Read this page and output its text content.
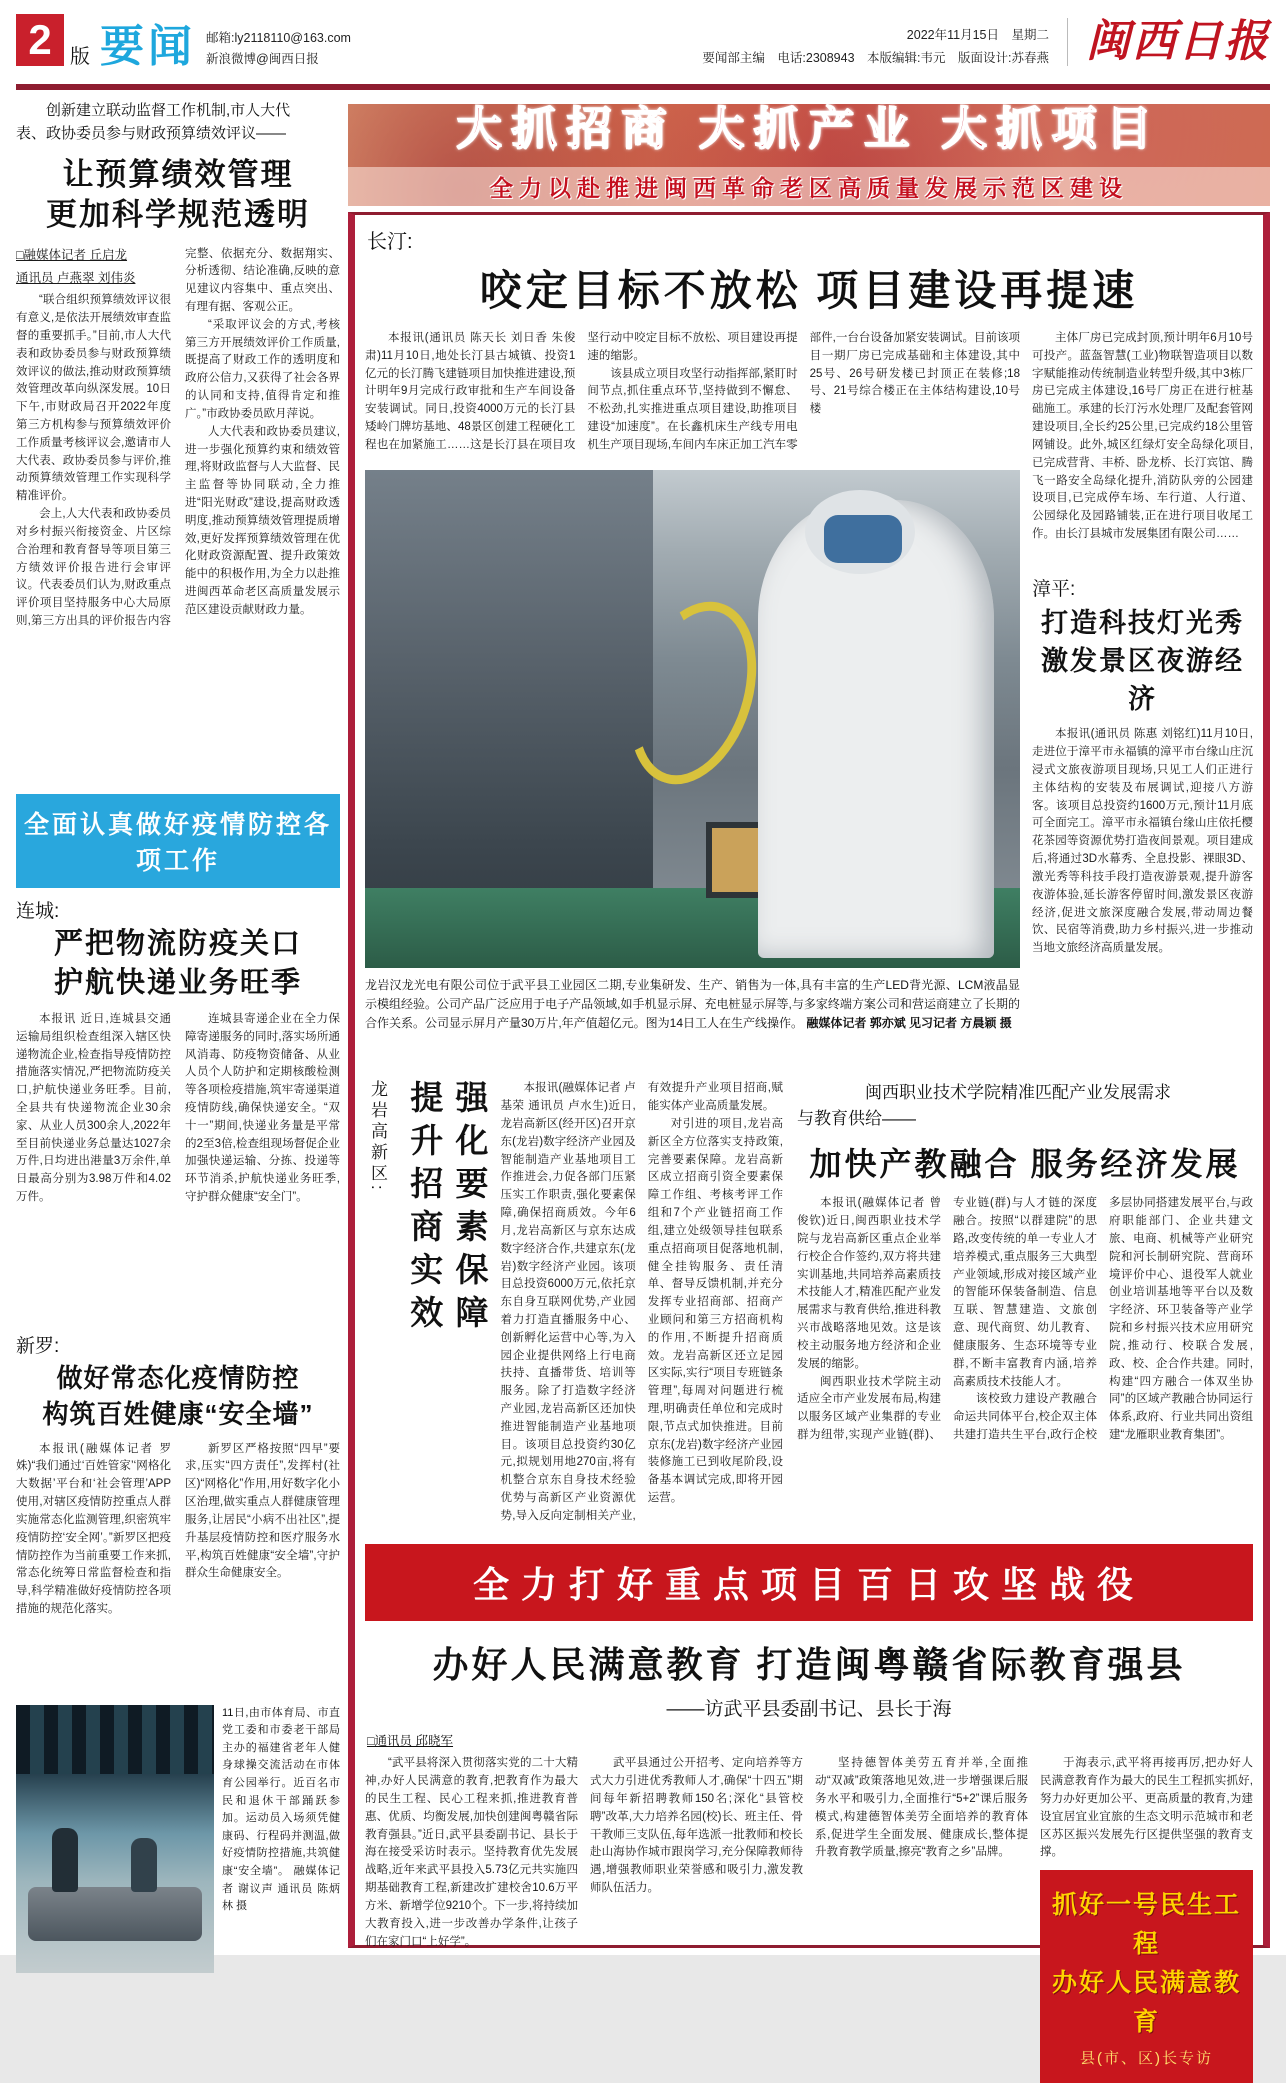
2 版 要闻 邮箱:ly2118110@163.com
新浪微博@闽西日报
2022年11月15日　星期二
要闻部主编　电话:2308943　本版编辑:韦元　版面设计:苏春燕 闽西日报
创新建立联动监督工作机制,市人大代
表、政协委员参与财政预算绩效评议——
让预算绩效管理
更加科学规范透明
□融媒体记者 丘启龙
通讯员 卢燕翠 刘伟炎
“联合组织预算绩效评议很有意义,是依法开展绩效审查监督的重要抓手。”目前,市人大代表和政协委员参与财政预算绩效评议的做法,推动财政预算绩效管理改革向纵深发展。10日下午,市财政局召开2022年度第三方机构参与预算绩效评价工作质量考核评议会,邀请市人大代表、政协委员参与评价,推动预算绩效管理工作实现科学精准评价。
会上,人大代表和政协委员对乡村振兴衔接资金、片区综合治理和教育督导等项目第三方绩效评价报告进行会审评议。代表委员们认为,财政重点评价项目坚持服务中心大局原则,第三方出具的评价报告内容完整、依据充分、数据翔实、分析透彻、结论准确,反映的意见建议内容集中、重点突出、有理有据、客观公正。
“采取评议会的方式,考核第三方开展绩效评价工作质量,既提高了财政工作的透明度和政府公信力,又获得了社会各界的认同和支持,值得肯定和推广。”市政协委员欧月萍说。
人大代表和政协委员建议,进一步强化预算约束和绩效管理,将财政监督与人大监督、民主监督等协同联动,全力推进“阳光财政”建设,提高财政透明度,推动预算绩效管理提质增效,更好发挥预算绩效管理在优化财政资源配置、提升政策效能中的积极作用,为全力以赴推进闽西革命老区高质量发展示范区建设贡献财政力量。
全面认真做好疫情防控各项工作
连城:
严把物流防疫关口
护航快递业务旺季
本报讯 近日,连城县交通运输局组织检查组深入辖区快递物流企业,检查指导疫情防控措施落实情况,严把物流防疫关口,护航快递业务旺季。目前,全县共有快递物流企业30余家、从业人员300余人,2022年至目前快递业务总量达1027余万件,日均进出港量3万余件,单日最高分别为3.98万件和4.02万件。
连城县寄递企业在全力保障寄递服务的同时,落实场所通风消毒、防疫物资储备、从业人员个人防护和定期核酸检测等各项检疫措施,筑牢寄递渠道疫情防线,确保快递安全。“双十一”期间,快递业务量是平常的2至3倍,检查组现场督促企业加强快递运输、分拣、投递等环节消杀,护航快递业务旺季,守护群众健康“安全门”。
新罗:
做好常态化疫情防控
构筑百姓健康“安全墙”
本报讯(融媒体记者 罗姝)“我们通过‘百姓管家’‘网格化大数据’平台和‘社会管理’APP使用,对辖区疫情防控重点人群实施常态化监测管理,织密筑牢疫情防控‘安全网’。”新罗区把疫情防控作为当前重要工作来抓,常态化统筹日常监督检查和指导,科学精准做好疫情防控各项措施的规范化落实。
新罗区严格按照“四早”要求,压实“四方责任”,发挥村(社区)“网格化”作用,用好数字化小区治理,做实重点人群健康管理服务,让居民“小病不出社区”,提升基层疫情防控和医疗服务水平,构筑百姓健康“安全墙”,守护群众生命健康安全。
11日,由市体育局、市直党工委和市委老干部局主办的福建省老年人健身球操交流活动在市体育公园举行。近百名市民和退休干部踊跃参加。运动员入场须凭健康码、行程码并测温,做好疫情防控措施,共筑健康“安全墙”。 融媒体记者 谢议声 通讯员 陈炳林 摄
大抓招商 大抓产业 大抓项目
全力以赴推进闽西革命老区高质量发展示范区建设
长汀:
咬定目标不放松 项目建设再提速
本报讯(通讯员 陈天长 刘日香 朱俊肃)11月10日,地处长汀县古城镇、投资1亿元的长汀腾飞建链项目加快推进建设,预计明年9月完成行政审批和生产车间设备安装调试。同日,投资4000万元的长汀县矮岭门牌坊基地、48景区创建工程硬化工程也在加紧施工……这是长汀县在项目攻坚行动中咬定目标不放松、项目建设再提速的缩影。
该县成立项目攻坚行动指挥部,紧盯时间节点,抓住重点环节,坚持做到不懈怠、不松劲,扎实推进重点项目建设,助推项目建设“加速度”。在长鑫机床生产线专用电机生产项目现场,车间内车床正加工汽车零部件,一台台设备加紧安装调试。目前该项目一期厂房已完成基础和主体建设,其中25号、26号研发楼已封顶正在装修;18号、21号综合楼正在主体结构建设,10号楼
龙岩汉龙光电有限公司位于武平县工业园区二期,专业集研发、生产、销售为一体,具有丰富的生产LED背光源、LCM液晶显示模组经验。公司产品广泛应用于电子产品领域,如手机显示屏、充电桩显示屏等,与多家终端方案公司和营运商建立了长期的合作关系。公司显示屏月产量30万片,年产值超亿元。图为14日工人在生产线操作。 融媒体记者 郭亦斌 见习记者 方晨颖 摄
主体厂房已完成封顶,预计明年6月10号可投产。蓝盔智慧(工业)物联智造项目以数字赋能推动传统制造业转型升级,其中3栋厂房已完成主体建设,16号厂房正在进行桩基础施工。承建的长汀污水处理厂及配套管网建设项目,全长约25公里,已完成约18公里管网铺设。此外,城区红绿灯安全岛绿化项目,已完成营背、丰桥、卧龙桥、长汀宾馆、腾飞一路安全岛绿化提升,消防队旁的公园建设项目,已完成停车场、车行道、人行道、公园绿化及园路铺装,正在进行项目收尾工作。由长汀县城市发展集团有限公司……
漳平:
打造科技灯光秀
激发景区夜游经济
本报讯(通讯员 陈惠 刘铭红)11月10日,走进位于漳平市永福镇的漳平市台缘山庄沉浸式文旅夜游项目现场,只见工人们正进行主体结构的安装及布展调试,迎接八方游客。该项目总投资约1600万元,预计11月底可全面完工。漳平市永福镇台缘山庄依托樱花茶园等资源优势打造夜间景观。项目建成后,将通过3D水幕秀、全息投影、裸眼3D、激光秀等科技手段打造夜游景观,提升游客夜游体验,延长游客停留时间,激发景区夜游经济,促进文旅深度融合发展,带动周边餐饮、民宿等消费,助力乡村振兴,进一步推动当地文旅经济高质量发展。
龙岩高新区: 强化要素保障
提升招商实效	本报讯(融媒体记者 卢基荣 通讯员 卢水生)近日,龙岩高新区(经开区)召开京东(龙岩)数字经济产业园及智能制造产业基地项目工作推进会,力促各部门压紧压实工作职责,强化要素保障,确保招商质效。今年6月,龙岩高新区与京东达成数字经济合作,共建京东(龙岩)数字经济产业园。该项目总投资6000万元,依托京东自身互联网优势,产业园着力打造直播服务中心、创新孵化运营中心等,为入园企业提供网络上行电商扶持、直播带货、培训等服务。除了打造数字经济产业园,龙岩高新区还加快推进智能制造产业基地项目。该项目总投资约30亿元,拟规划用地270亩,将有机整合京东自身技术经验优势与高新区产业资源优势,导入反向定制相关产业,有效提升产业项目招商,赋能实体产业高质量发展。
对引进的项目,龙岩高新区全方位落实支持政策,完善要素保障。龙岩高新区成立招商引资全要素保障工作组、考核考评工作组和7个产业链招商工作组,建立处级领导挂包联系重点招商项目促落地机制,健全挂钩服务、责任清单、督导反馈机制,并充分发挥专业招商部、招商产业顾问和第三方招商机构的作用,不断提升招商质效。龙岩高新区还立足园区实际,实行“项目专班链条管理”,每周对问题进行梳理,明确责任单位和完成时限,节点式加快推进。目前京东(龙岩)数字经济产业园装修施工已到收尾阶段,设备基本调试完成,即将开园运营。
闽西职业技术学院精准匹配产业发展需求
与教育供给——
加快产教融合 服务经济发展
本报讯(融媒体记者 曾俊钦)近日,闽西职业技术学院与龙岩高新区重点企业举行校企合作签约,双方将共建实训基地,共同培养高素质技术技能人才,精准匹配产业发展需求与教育供给,推进科教兴市战略落地见效。这是该校主动服务地方经济和企业发展的缩影。
闽西职业技术学院主动适应全市产业发展布局,构建以服务区域产业集群的专业群为纽带,实现产业链(群)、专业链(群)与人才链的深度融合。按照“以群建院”的思路,改变传统的单一专业人才培养模式,重点服务三大典型产业领域,形成对接区域产业的智能环保装备制造、信息互联、智慧建造、文旅创意、现代商贸、幼儿教育、健康服务、生态环境等专业群,不断丰富教育内涵,培养高素质技术技能人才。
该校致力建设产教融合命运共同体平台,校企双主体共建打造共生平台,政行企校多层协同搭建发展平台,与政府职能部门、企业共建文旅、电商、机械等产业研究院和河长制研究院、营商环境评价中心、退役军人就业创业培训基地等平台以及数字经济、环卫装备等产业学院和乡村振兴技术应用研究院,推动行、校联合发展,政、校、企合作共建。同时,构建“四方融合一体双坐协同”的区域产教融合协同运行体系,政府、行业共同出资组建“龙雁职业教育集团”。
全力打好重点项目百日攻坚战役
办好人民满意教育 打造闽粤赣省际教育强县
——访武平县委副书记、县长于海
□通讯员 邱晓军
“武平县将深入贯彻落实党的二十大精神,办好人民满意的教育,把教育作为最大的民生工程、民心工程来抓,推进教育普惠、优质、均衡发展,加快创建闽粤赣省际教育强县。”近日,武平县委副书记、县长于海在接受采访时表示。坚持教育优先发展战略,近年来武平县投入5.73亿元共实施四期基础教育工程,新建改扩建校舍10.6万平方米、新增学位9210个。下一步,将持续加大教育投入,进一步改善办学条件,让孩子们在家门口“上好学”。
武平县通过公开招考、定向培养等方式大力引进优秀教师人才,确保“十四五”期间每年新招聘教师150名;深化“县管校聘”改革,大力培养名园(校)长、班主任、骨干教师三支队伍,每年选派一批教师和校长赴山海协作城市跟岗学习,充分保障教师待遇,增强教师职业荣誉感和吸引力,激发教师队伍活力。
坚持德智体美劳五育并举,全面推动“双减”政策落地见效,进一步增强课后服务水平和吸引力,全面推行“5+2”课后服务模式,构建德智体美劳全面培养的教育体系,促进学生全面发展、健康成长,整体提升教育教学质量,擦亮“教育之乡”品牌。
于海表示,武平将再接再厉,把办好人民满意教育作为最大的民生工程抓实抓好,努力办好更加公平、更高质量的教育,为建设宜居宜业宜旅的生态文明示范城市和老区苏区振兴发展先行区提供坚强的教育支撑。
抓好一号民生工程
办好人民满意教育
县(市、区)长专访
